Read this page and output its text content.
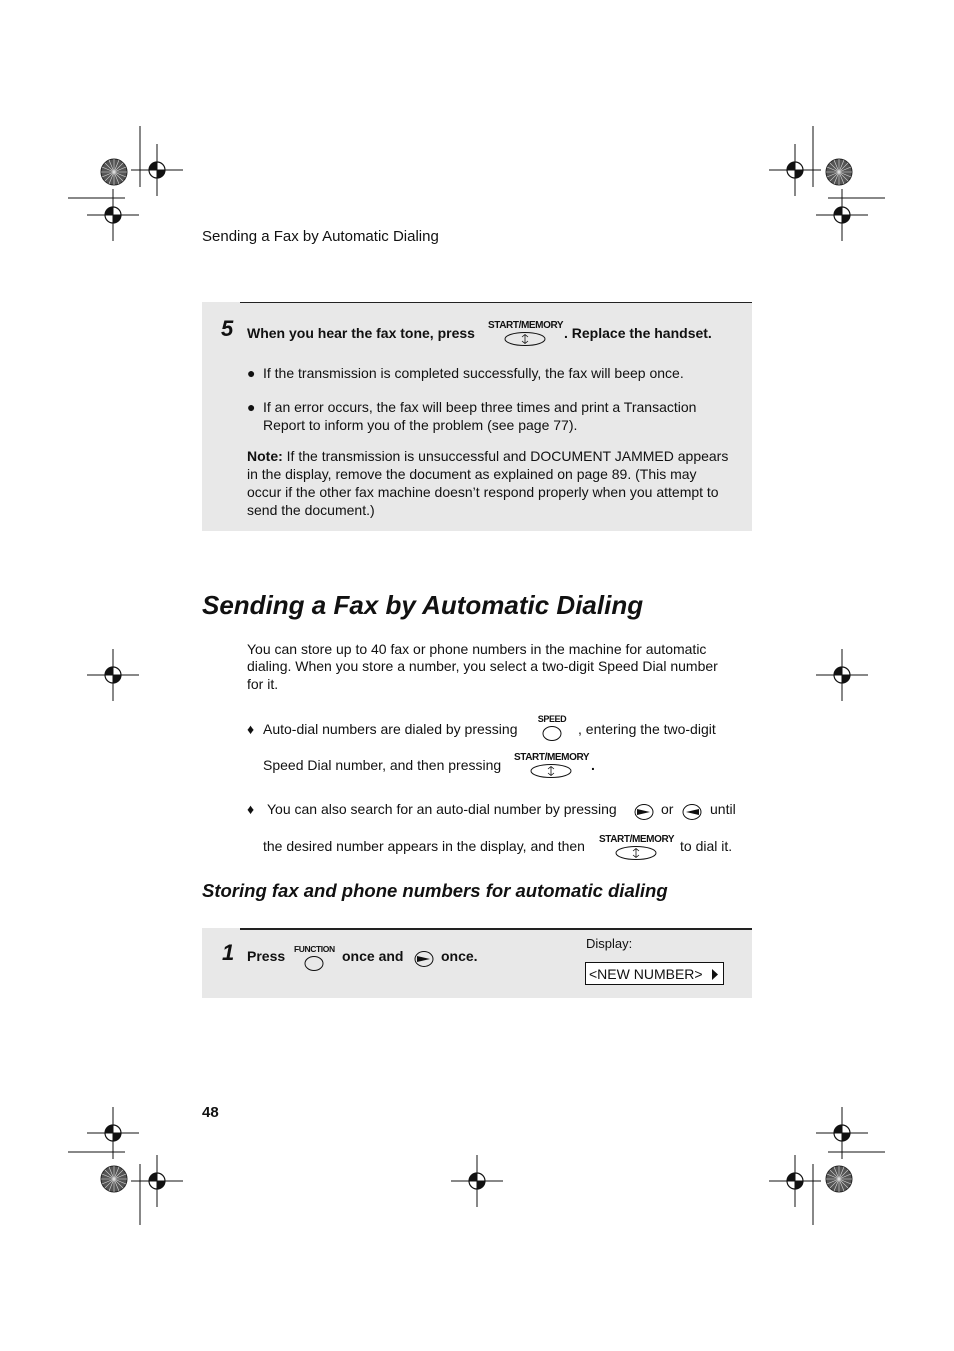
Sending a Fax by Automatic Dialing
5 When you hear the fax tone, press START/MEMORY . Replace the handset.
● If the transmission is completed successfully, the fax will beep once.
● If an error occurs, the fax will beep three times and print a Transaction
Report to inform you of the problem (see page 77).
Note: If the transmission is unsuccessful and DOCUMENT JAMMED appears
in the display, remove the document as explained on page 89. (This may
occur if the other fax machine doesn’t respond properly when you attempt to
send the document.)
Sending a Fax by Automatic Dialing
You can store up to 40 fax or phone numbers in the machine for automatic
dialing. When you store a number, you select a two-digit Speed Dial number
for it.
♦ Auto-dial numbers are dialed by pressing
SPEED
, entering the two-digit
Speed Dial number, and then pressing START/MEMORY .
♦ You can also search for an auto-dial number by pressing	or	until
the desired number appears in the display, and then START/MEMORY to dial it.
Storing fax and phone numbers for automatic dialing
1 Press FUNCTION once and	once.
Display:
<NEW NUMBER>
48
